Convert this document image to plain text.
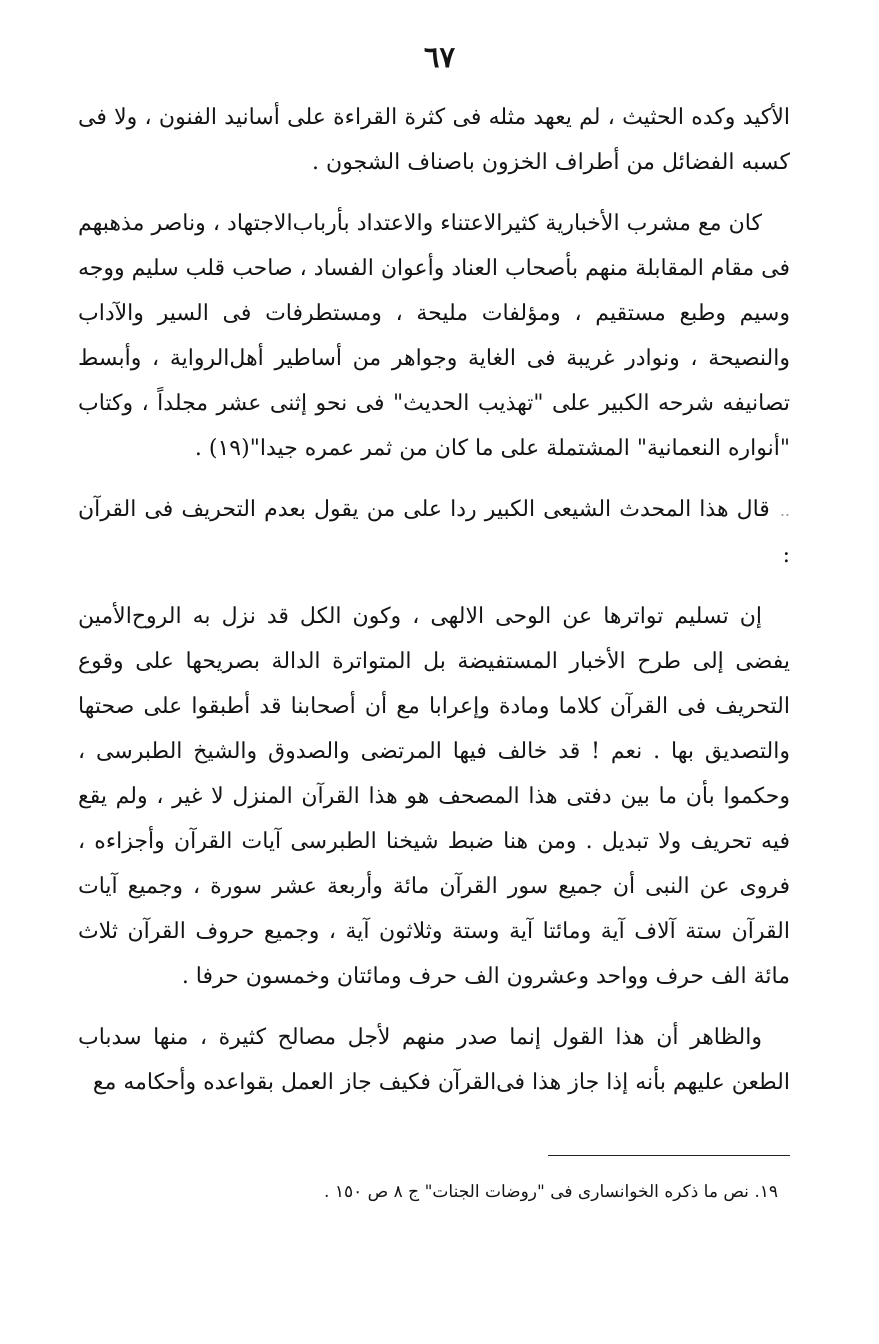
٦٧

الأكيد وكده الحثيث ، لم يعهد مثله فى كثرة القراءة على أسانيد الفنون ، ولا فى كسبه الفضائل من أطراف الخزون باصناف الشجون .

كان مع مشرب الأخبارية كثيرالاعتناء والاعتداد بأرباب‌الاجتهاد ، وناصر مذهبهم فى مقام المقابلة منهم بأصحاب العناد وأعوان الفساد ، صاحب قلب سليم ووجه وسيم وطبع مستقيم ، ومؤلفات مليحة ، ومستطرفات فى السير والآداب والنصيحة ، ونوادر غريبة فى الغاية وجواهر من أساطير أهل‌الرواية ، وأبسط تصانيفه شرحه الكبير على "تهذيب الحديث" فى نحو إثنى عشر مجلداً ، وكتاب "أنواره النعمانية" المشتملة على ما كان من ثمر عمره جيدا"(١٩) .

..قال هذا المحدث الشيعى الكبير ردا على من يقول بعدم التحريف فى القرآن :

إن تسليم تواترها عن الوحى الالهى ، وكون الكل قد نزل به الروح‌الأمين يفضى إلى طرح الأخبار المستفيضة بل المتواترة الدالة بصريحها على وقوع التحريف فى القرآن كلاما ومادة وإعرابا مع أن أصحابنا قد أطبقوا على صحتها والتصديق بها . نعم ! قد خالف فيها المرتضى والصدوق والشيخ الطبرسى ، وحكموا بأن ما بين دفتى هذا المصحف هو هذا القرآن المنزل لا غير ، ولم يقع فيه تحريف ولا تبديل . ومن هنا ضبط شيخنا الطبرسى آيات القرآن وأجزاءه ، فروى عن النبى أن جميع سور القرآن مائة وأربعة عشر سورة ، وجميع آيات القرآن ستة آلاف آية ومائتا آية وستة وثلاثون آية ، وجميع حروف القرآن ثلاث مائة الف حرف وواحد وعشرون الف حرف ومائتان وخمسون حرفا .

والظاهر أن هذا القول إنما صدر منهم لأجل مصالح كثيرة ، منها سدباب الطعن عليهم بأنه إذا جاز هذا فى‌القرآن فكيف جاز العمل بقواعده وأحكامه مع

١٩. نص ما ذكره الخوانسارى فى "روضات الجنات" ج ٨ ص ١٥٠ .
